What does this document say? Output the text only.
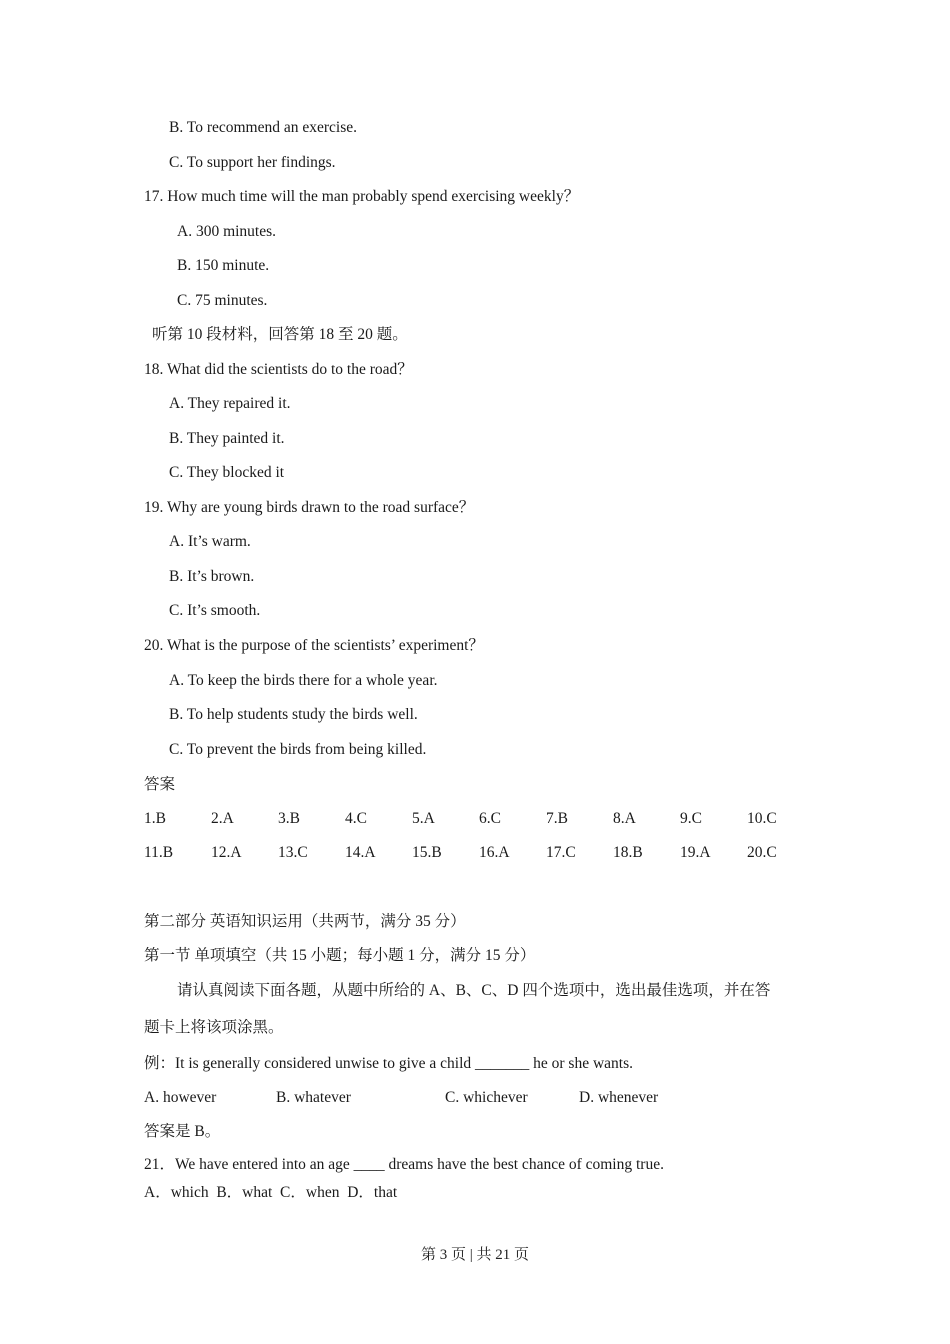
B. To recommend an exercise.
C. To support her findings.
17. How much time will the man probably spend exercising weekly？
A. 300 minutes.
B. 150 minute.
C. 75 minutes.
听第 10 段材料，回答第 18 至 20 题。
18. What did the scientists do to the road？
A. They repaired it.
B. They painted it.
C. They blocked it
19. Why are young birds drawn to the road surface？
A. It’s warm.
B. It’s brown.
C. It’s smooth.
20. What is the purpose of the scientists’ experiment？
A. To keep the birds there for a whole year.
B. To help students study the birds well.
C. To prevent the birds from being killed.
答案
1.B	2.A	3.B	4.C	5.A	6.C	7.B	8.A	9.C	10.C
11.B 12.A 13.C 14.A 15.B 16.A 17.C 18.B 19.A 20.C
第二部分 英语知识运用（共两节，满分 35 分）
第一节 单项填空（共 15 小题；每小题 1 分，满分 15 分）
请认真阅读下面各题，从题中所给的 A、B、C、D 四个选项中，选出最佳选项，并在答
题卡上将该项涂黑。
例：It is generally considered unwise to give a child _______ he or she wants.
A. however	B. whatever	C. whichever	D. whenever
答案是 B。
21．We have entered into an age ____ dreams have the best chance of coming true.
A．which  B．what  C．when  D．that
第 3 页 | 共 21 页
